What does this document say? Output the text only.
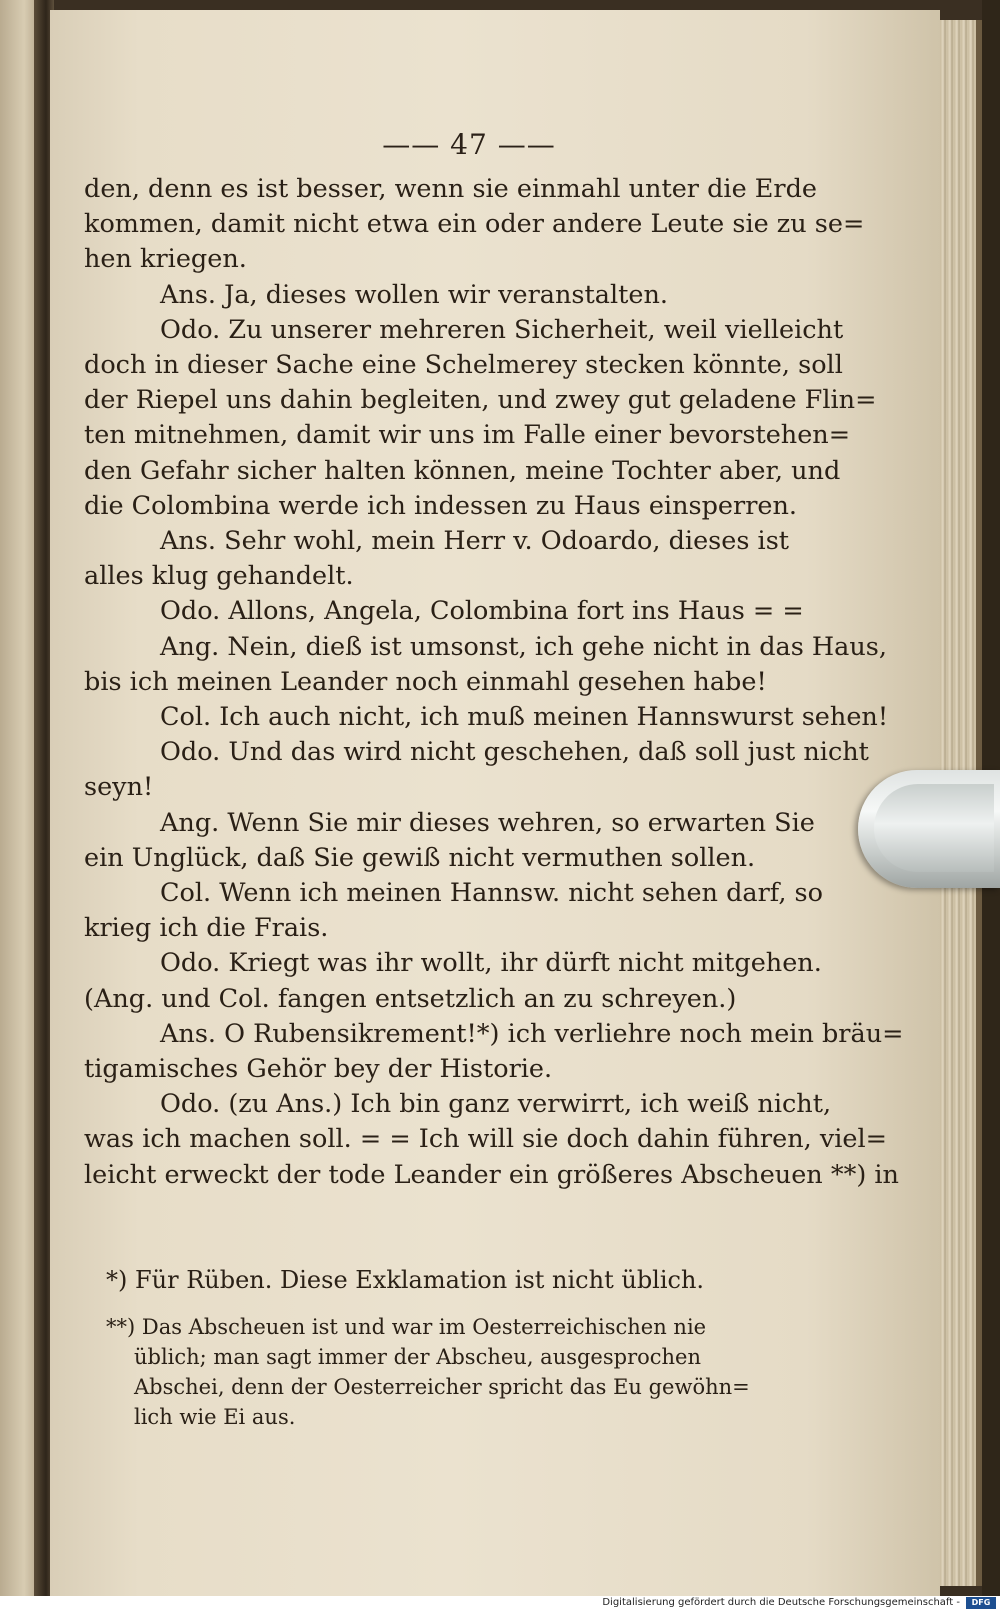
—— 47 ——
den, denn es ist besser, wenn sie einmahl unter die Erde
kommen, damit nicht etwa ein oder andere Leute sie zu se=
hen kriegen.
Ans. Ja, dieses wollen wir veranstalten.
Odo. Zu unserer mehreren Sicherheit, weil vielleicht
doch in dieser Sache eine Schelmerey stecken könnte, soll
der Riepel uns dahin begleiten, und zwey gut geladene Flin=
ten mitnehmen, damit wir uns im Falle einer bevorstehen=
den Gefahr sicher halten können, meine Tochter aber, und
die Colombina werde ich indessen zu Haus einsperren.
Ans. Sehr wohl, mein Herr v. Odoardo, dieses ist
alles klug gehandelt.
Odo. Allons, Angela, Colombina fort ins Haus = =
Ang. Nein, dieß ist umsonst, ich gehe nicht in das Haus,
bis ich meinen Leander noch einmahl gesehen habe!
Col. Ich auch nicht, ich muß meinen Hannswurst sehen!
Odo. Und das wird nicht geschehen, daß soll just nicht
seyn!
Ang. Wenn Sie mir dieses wehren, so erwarten Sie
ein Unglück, daß Sie gewiß nicht vermuthen sollen.
Col. Wenn ich meinen Hannsw. nicht sehen darf, so
krieg ich die Frais.
Odo. Kriegt was ihr wollt, ihr dürft nicht mitgehen.
(Ang. und Col. fangen entsetzlich an zu schreyen.)
Ans. O Rubensikrement!*) ich verliehre noch mein bräu=
tigamisches Gehör bey der Historie.
Odo. (zu Ans.) Ich bin ganz verwirrt, ich weiß nicht,
was ich machen soll. = = Ich will sie doch dahin führen, viel=
leicht erweckt der tode Leander ein größeres Abscheuen **) in
*) Für Rüben. Diese Exklamation ist nicht üblich.
**) Das Abscheuen ist und war im Oesterreichischen nie
üblich; man sagt immer der Abscheu, ausgesprochen
Abschei, denn der Oesterreicher spricht das Eu gewöhn=
lich wie Ei aus.
Digitalisierung gefördert durch die Deutsche Forschungsgemeinschaft -	DFG
